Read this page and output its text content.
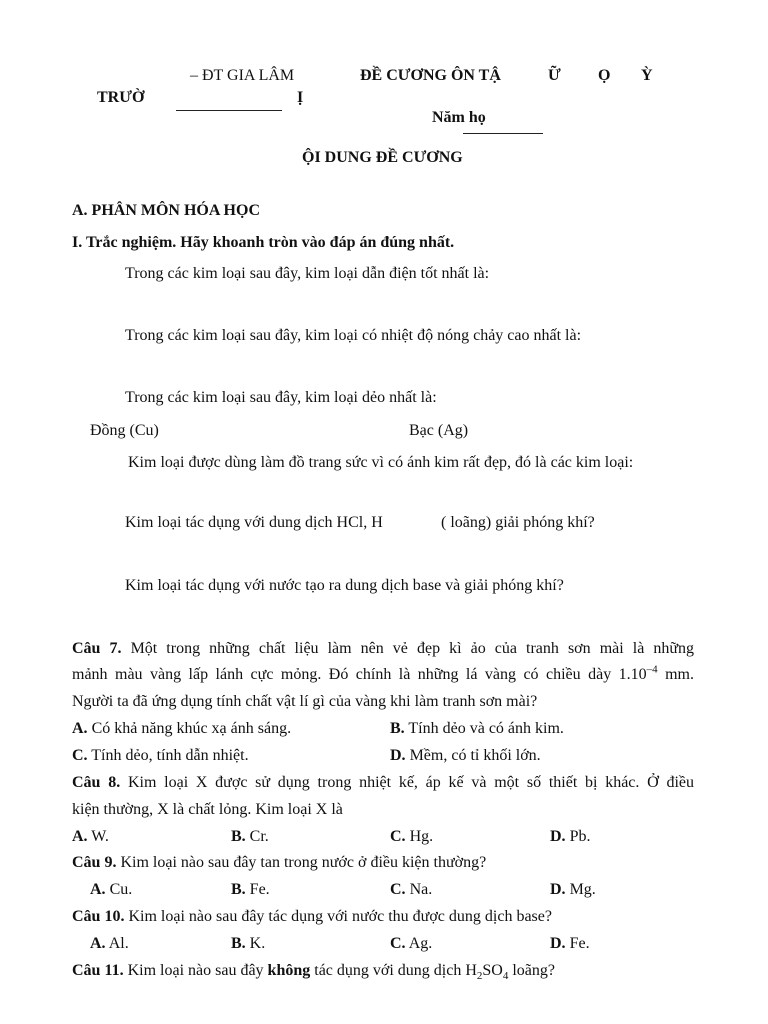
– ĐT GIA LÂM
TRƯỜ
ĐỀ CƯƠNG ÔN TẬ	Ữ Ọ Ỳ
Ị
Năm họ
ỘI DUNG ĐỀ CƯƠNG
A. PHÂN MÔN HÓA HỌC
I. Trắc nghiệm. Hãy khoanh tròn vào đáp án đúng nhất.
Trong các kim loại sau đây, kim loại dẫn điện tốt nhất là:
Trong các kim loại sau đây, kim loại có nhiệt độ nóng chảy cao nhất là:
Trong các kim loại sau đây, kim loại dẻo nhất là:
Đồng (Cu)	Bạc (Ag)
Kim loại được dùng làm đồ trang sức vì có ánh kim rất đẹp, đó là các kim loại:
Kim loại tác dụng với dung dịch HCl, H	( loãng) giải phóng khí?
Kim loại tác dụng với nước tạo ra dung dịch base và giải phóng khí?
Câu 7. Một trong những chất liệu làm nên vẻ đẹp kì ảo của tranh sơn mài là những
mảnh màu vàng lấp lánh cực mỏng. Đó chính là những lá vàng có chiều dày $1.10^{-4}$ mm.
Người ta đã ứng dụng tính chất vật lí gì của vàng khi làm tranh sơn mài?
A. Có khả năng khúc xạ ánh sáng.	B. Tính dẻo và có ánh kim.
C. Tính dẻo, tính dẫn nhiệt.	D. Mềm, có tỉ khối lớn.
Câu 8. Kim loại X được sử dụng trong nhiệt kế, áp kế và một số thiết bị khác. Ở điều
kiện thường, X là chất lỏng. Kim loại X là
A. W.	B. Cr.	C. Hg.	D. Pb.
Câu 9. Kim loại nào sau đây tan trong nước ở điều kiện thường?
A. Cu.	B. Fe.	C. Na.	D. Mg.
Câu 10. Kim loại nào sau đây tác dụng với nước thu được dung dịch base?
A. Al.	B. K.	C. Ag.	D. Fe.
Câu 11. Kim loại nào sau đây không tác dụng với dung dịch $H_2SO_4$ loãng?
